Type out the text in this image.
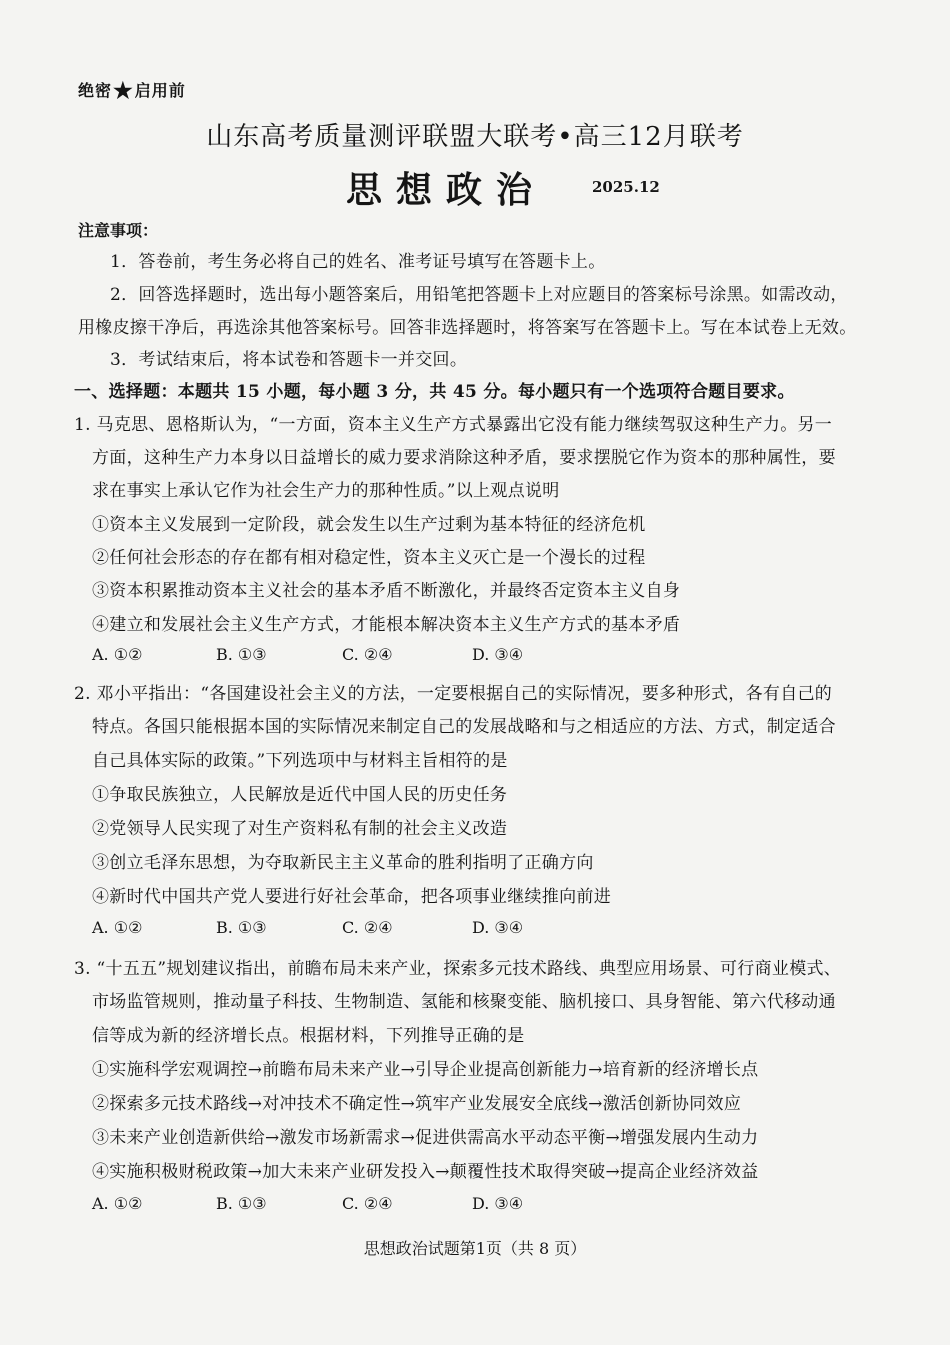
绝密★启用前
山东高考质量测评联盟大联考•高三12月联考
思想政治	2025.12
注意事项：
1．答卷前，考生务必将自己的姓名、准考证号填写在答题卡上。
2．回答选择题时，选出每小题答案后，用铅笔把答题卡上对应题目的答案标号涂黑。如需改动，
用橡皮擦干净后，再选涂其他答案标号。回答非选择题时，将答案写在答题卡上。写在本试卷上无效。
3．考试结束后，将本试卷和答题卡一并交回。
一、选择题：本题共 15 小题，每小题 3 分，共 45 分。每小题只有一个选项符合题目要求。
1. 马克思、恩格斯认为，“一方面，资本主义生产方式暴露出它没有能力继续驾驭这种生产力。另一
方面，这种生产力本身以日益增长的威力要求消除这种矛盾，要求摆脱它作为资本的那种属性，要
求在事实上承认它作为社会生产力的那种性质。”以上观点说明
①资本主义发展到一定阶段，就会发生以生产过剩为基本特征的经济危机
②任何社会形态的存在都有相对稳定性，资本主义灭亡是一个漫长的过程
③资本积累推动资本主义社会的基本矛盾不断激化，并最终否定资本主义自身
④建立和发展社会主义生产方式，才能根本解决资本主义生产方式的基本矛盾
A. ①②	B. ①③	C. ②④	D. ③④
2. 邓小平指出：“各国建设社会主义的方法，一定要根据自己的实际情况，要多种形式，各有自己的
特点。各国只能根据本国的实际情况来制定自己的发展战略和与之相适应的方法、方式，制定适合
自己具体实际的政策。”下列选项中与材料主旨相符的是
①争取民族独立，人民解放是近代中国人民的历史任务
②党领导人民实现了对生产资料私有制的社会主义改造
③创立毛泽东思想，为夺取新民主主义革命的胜利指明了正确方向
④新时代中国共产党人要进行好社会革命，把各项事业继续推向前进
A. ①②	B. ①③	C. ②④	D. ③④
3. “十五五”规划建议指出，前瞻布局未来产业，探索多元技术路线、典型应用场景、可行商业模式、
市场监管规则，推动量子科技、生物制造、氢能和核聚变能、脑机接口、具身智能、第六代移动通
信等成为新的经济增长点。根据材料，下列推导正确的是
①实施科学宏观调控→前瞻布局未来产业→引导企业提高创新能力→培育新的经济增长点
②探索多元技术路线→对冲技术不确定性→筑牢产业发展安全底线→激活创新协同效应
③未来产业创造新供给→激发市场新需求→促进供需高水平动态平衡→增强发展内生动力
④实施积极财税政策→加大未来产业研发投入→颠覆性技术取得突破→提高企业经济效益
A. ①②	B. ①③	C. ②④	D. ③④
思想政治试题第1页（共 8 页）
